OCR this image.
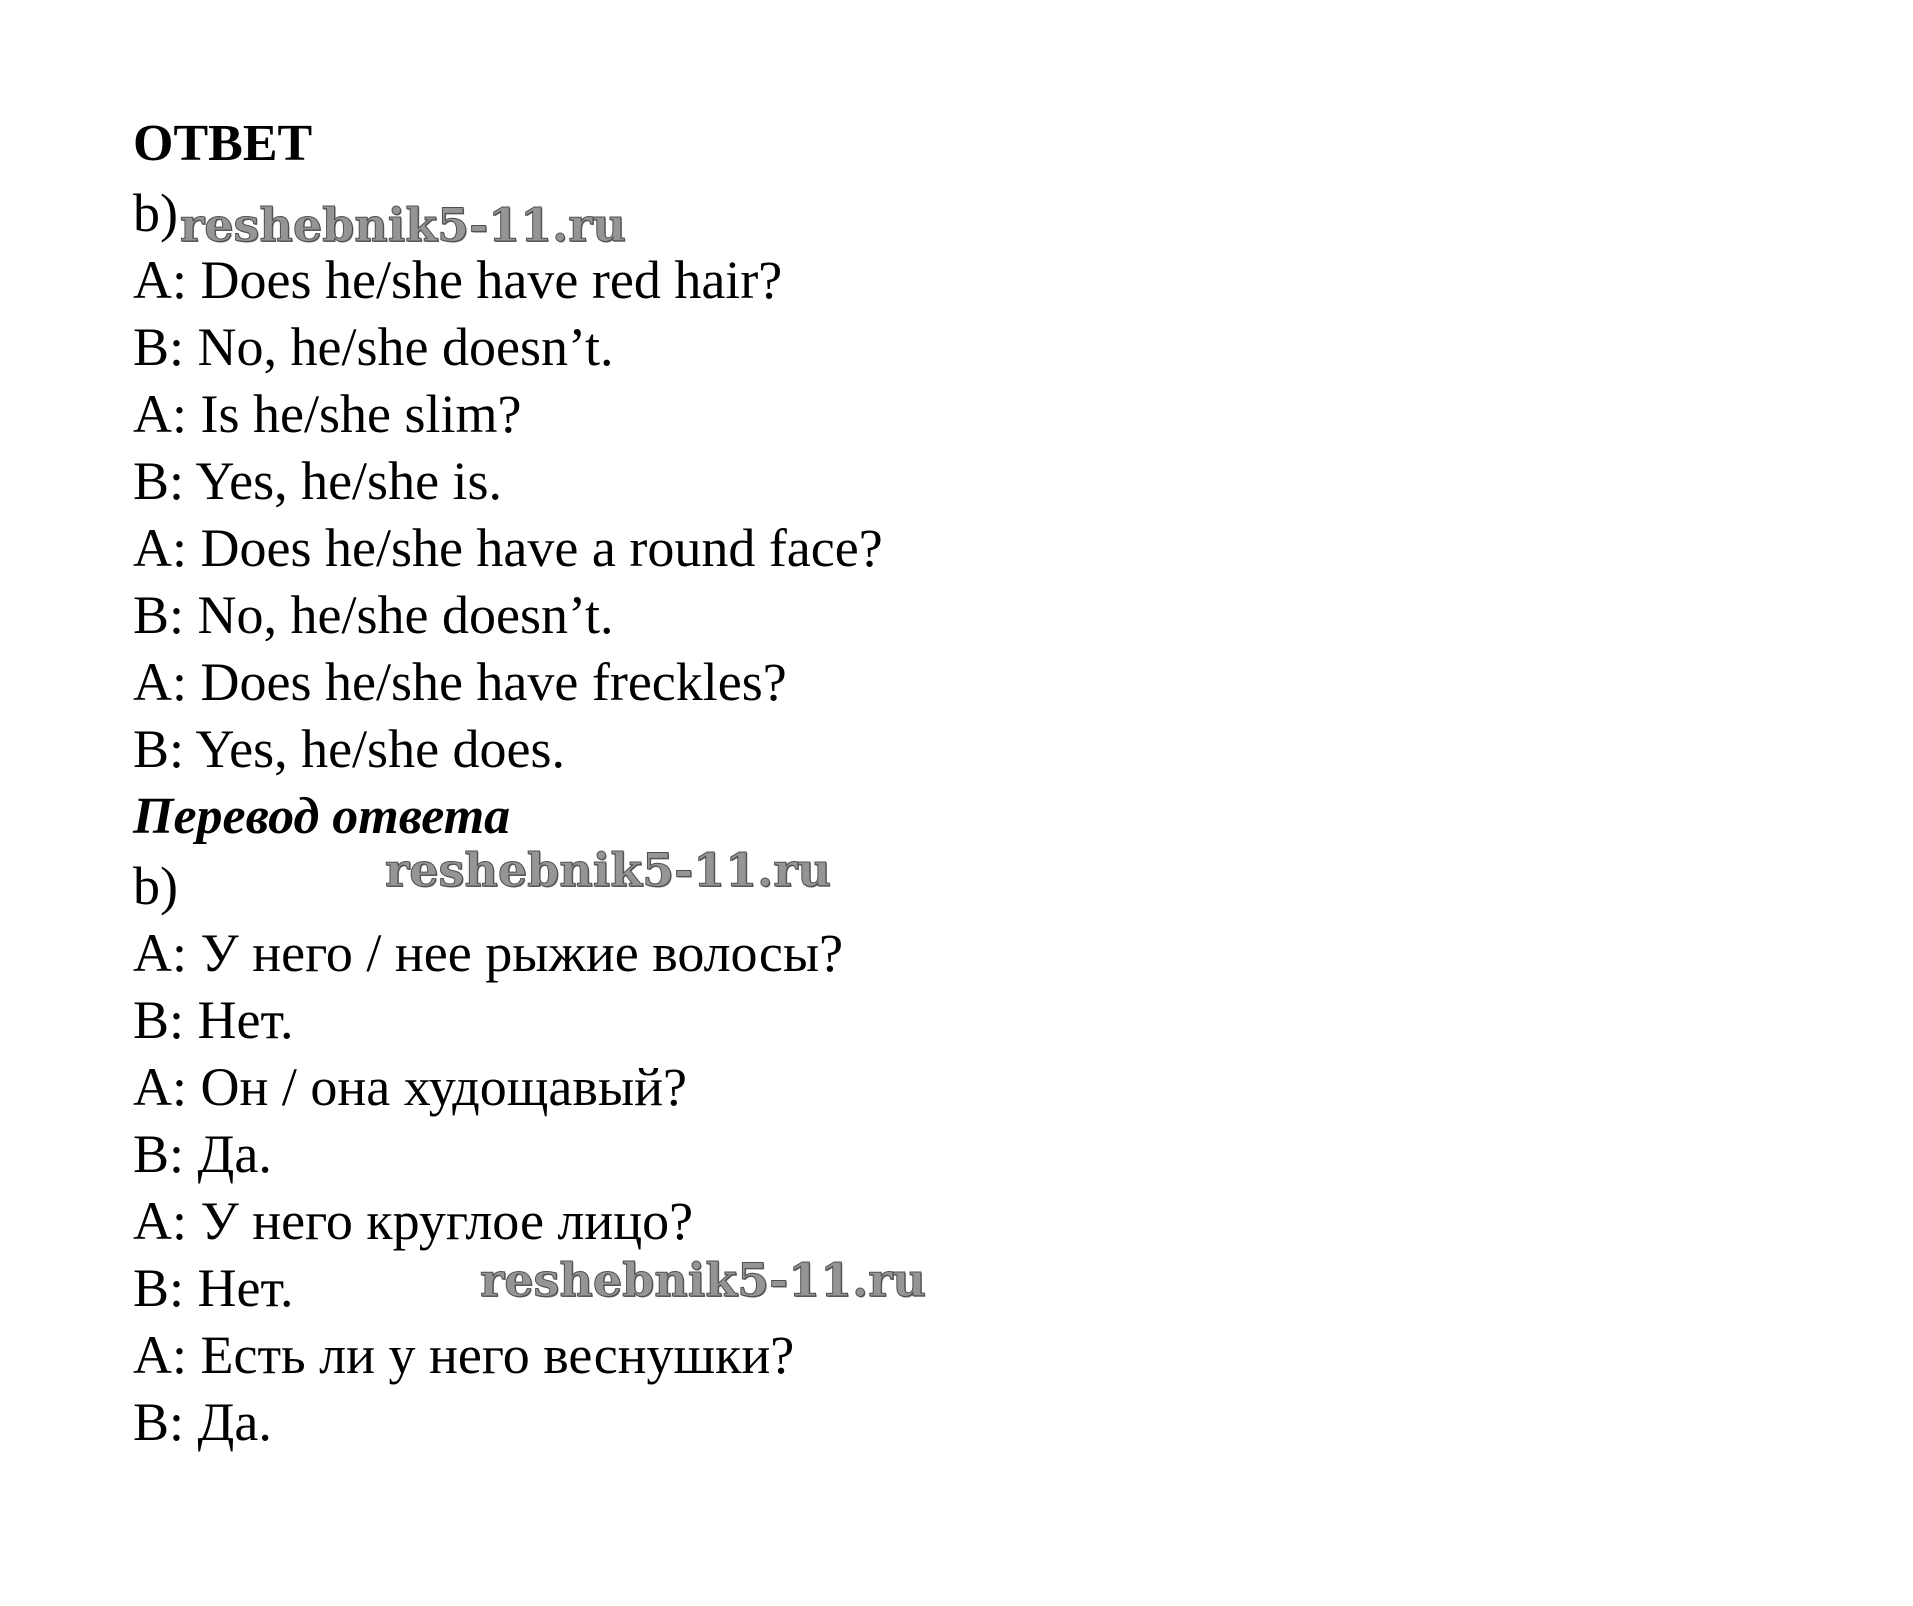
ОТВЕТ
b) reshebnik5-11.ru
A: Does he/she have red hair?
B: No, he/she doesn’t.
A: Is he/she slim?
B: Yes, he/she is.
A: Does he/she have a round face?
B: No, he/she doesn’t.
A: Does he/she have freckles?
B: Yes, he/she does.
Перевод ответа
reshebnik5-11.ru
b)
A: У него / нее рыжие волосы?
B: Нет.
A: Он / она худощавый?
B: Да.
A: У него круглое лицо?
B: Нет.	reshebnik5-11.ru
A: Есть ли у него веснушки?
B: Да.
